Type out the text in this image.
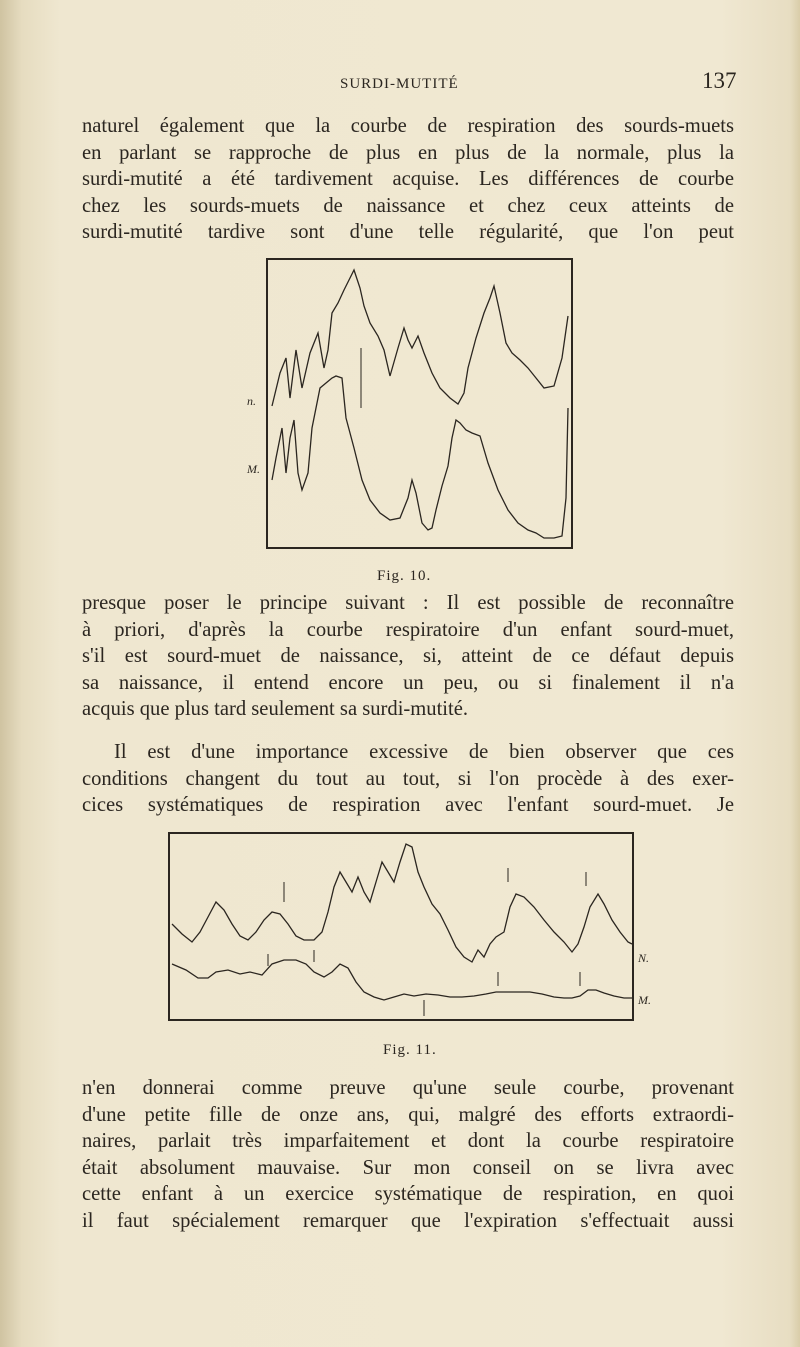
SURDI-MUTITÉ	137
naturel également que la courbe de respiration des sourds-muets
en parlant se rapproche de plus en plus de la normale, plus la
surdi-mutité a été tardivement acquise. Les différences de courbe
chez les sourds-muets de naissance et chez ceux atteints de
surdi-mutité tardive sont d'une telle régularité, que l'on peut
n.
M.
Fig. 10.
presque poser le principe suivant : Il est possible de reconnaître
à priori, d'après la courbe respiratoire d'un enfant sourd-muet,
s'il est sourd-muet de naissance, si, atteint de ce défaut depuis
sa naissance, il entend encore un peu, ou si finalement il n'a
acquis que plus tard seulement sa surdi-mutité.
Il est d'une importance excessive de bien observer que ces
conditions changent du tout au tout, si l'on procède à des exer-
cices systématiques de respiration avec l'enfant sourd-muet. Je
N.
M.
Fig. 11.
n'en donnerai comme preuve qu'une seule courbe, provenant
d'une petite fille de onze ans, qui, malgré des efforts extraordi-
naires, parlait très imparfaitement et dont la courbe respiratoire
était absolument mauvaise. Sur mon conseil on se livra avec
cette enfant à un exercice systématique de respiration, en quoi
il faut spécialement remarquer que l'expiration s'effectuait aussi
